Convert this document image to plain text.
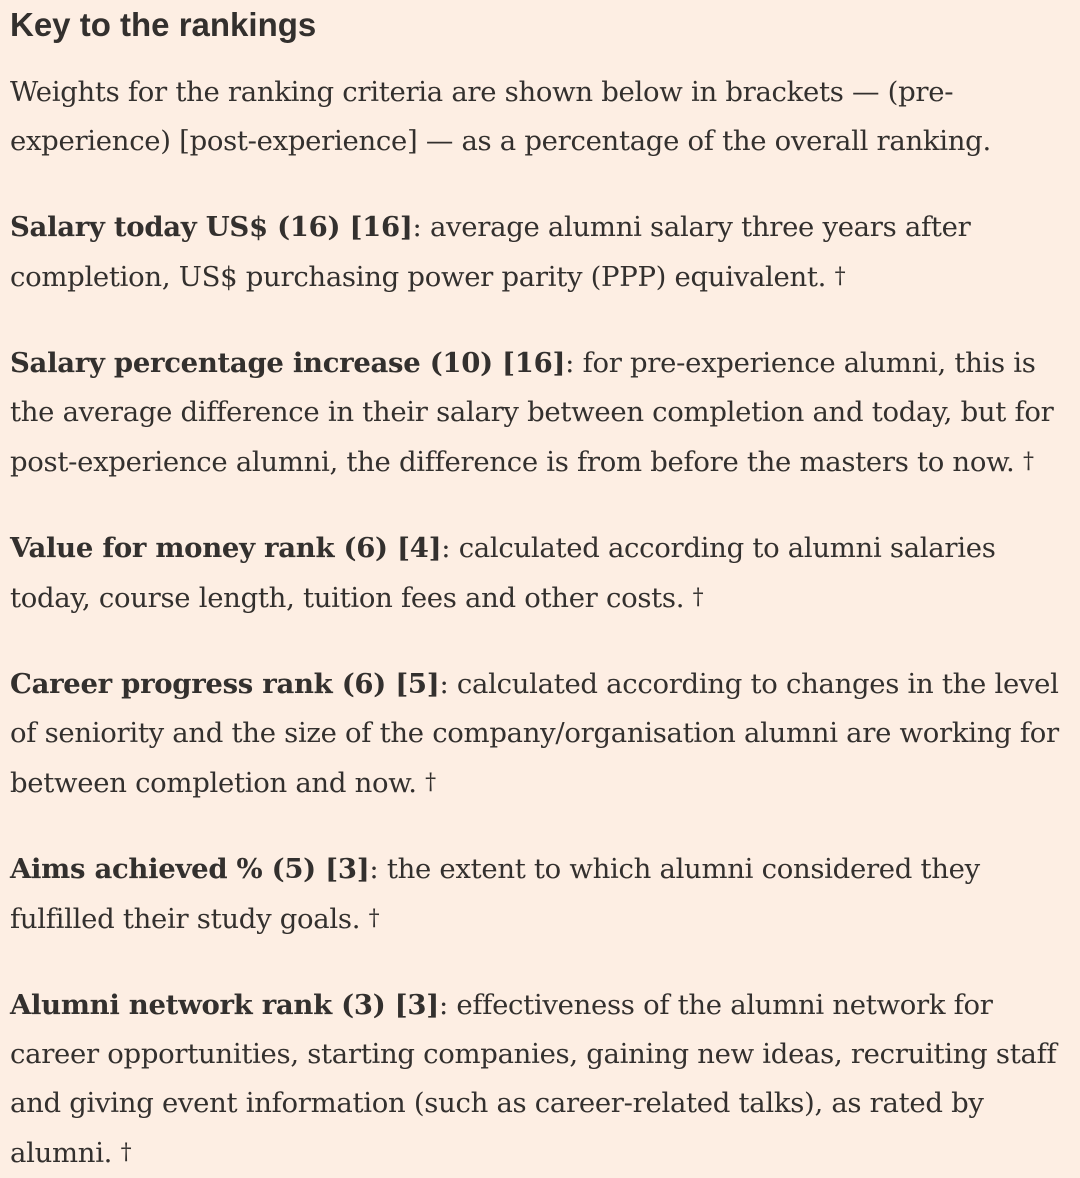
Key to the rankings

Weights for the ranking criteria are shown below in brackets — (pre-experience) [post-experience] — as a percentage of the overall ranking.

Salary today US$ (16) [16]: average alumni salary three years after completion, US$ purchasing power parity (PPP) equivalent. †

Salary percentage increase (10) [16]: for pre-experience alumni, this is the average difference in their salary between completion and today, but for post-experience alumni, the difference is from before the masters to now. †

Value for money rank (6) [4]: calculated according to alumni salaries today, course length, tuition fees and other costs. †

Career progress rank (6) [5]: calculated according to changes in the level of seniority and the size of the company/organisation alumni are working for between completion and now. †

Aims achieved % (5) [3]: the extent to which alumni considered they fulfilled their study goals. †

Alumni network rank (3) [3]: effectiveness of the alumni network for career opportunities, starting companies, gaining new ideas, recruiting staff and giving event information (such as career-related talks), as rated by alumni. †
